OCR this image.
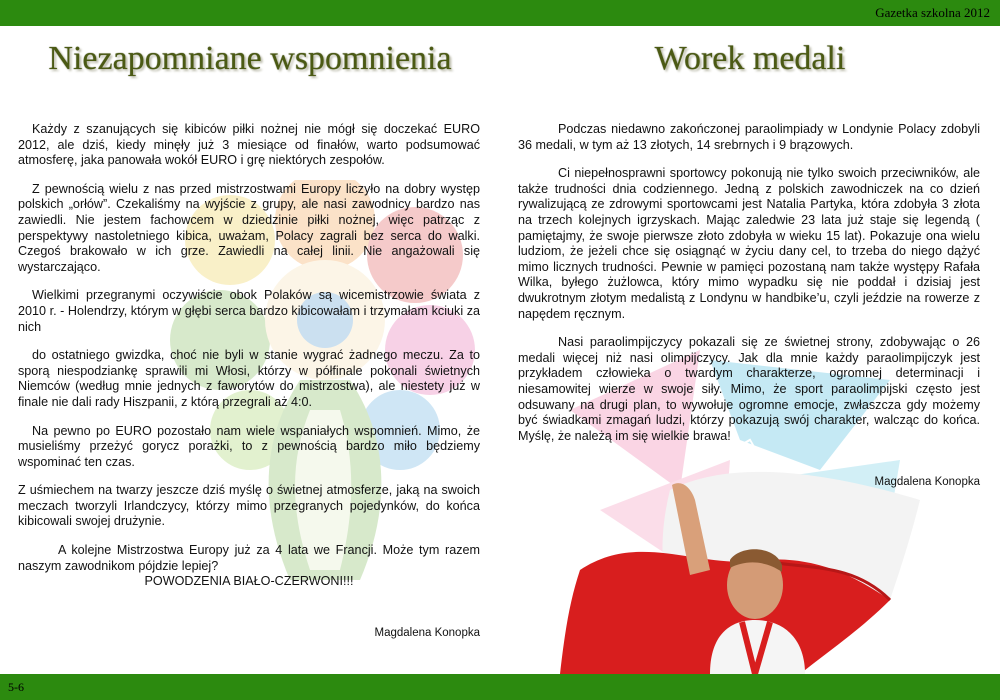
Gazetka szkolna 2012
Niezapomniane wspomnienia	Worek medali

Każdy z szanujących się kibiców piłki nożnej nie mógł się doczekać EURO 2012, ale dziś, kiedy minęły już 3 miesiące od finałów, warto podsumować atmosferę, jaka panowała wokół EURO i grę niektórych zespołów.

Z pewnością wielu z nas przed mistrzostwami Europy liczyło na dobry występ polskich „orłów”. Czekaliśmy na wyjście z grupy, ale nasi zawodnicy bardzo nas zawiedli. Nie jestem fachowcem w dziedzinie piłki nożnej, więc patrząc z perspektywy nastoletniego kibica, uważam, Polacy zagrali bez serca do walki. Czegoś brakowało w ich grze. Zawiedli na całej linii. Nie angażowali się wystarczająco.

Wielkimi przegranymi oczywiście obok Polaków są wicemistrzowie świata z 2010 r. - Holendrzy, którym w głębi serca bardzo kibicowałam i trzymałam kciuki za nich

do ostatniego gwizdka, choć nie byli w stanie wygrać żadnego meczu. Za to sporą niespodziankę sprawili mi Włosi, którzy w półfinale pokonali świetnych Niemców (według mnie jednych z faworytów do mistrzostwa), ale niestety już w finale nie dali rady Hiszpanii, z którą przegrali aż 4:0.

Na pewno po EURO pozostało nam wiele wspaniałych wspomnień. Mimo, że musieliśmy przeżyć gorycz porażki, to z pewnością bardzo miło będziemy wspominać ten czas.

Z uśmiechem na twarzy jeszcze dziś myślę o świetnej atmosferze, jaką na swoich meczach tworzyli Irlandczycy, którzy mimo przegranych pojedynków, do końca kibicowali swojej drużynie.

A kolejne Mistrzostwa Europy już za 4 lata we Francji. Może tym razem naszym zawodnikom pójdzie lepiej?

POWODZENIA BIAŁO-CZERWONI!!!

Magdalena Konopka

Podczas niedawno zakończonej paraolimpiady w Londynie Polacy zdobyli 36 medali, w tym aż 13 złotych, 14 srebrnych i 9 brązowych.

Ci niepełnosprawni sportowcy pokonują nie tylko swoich przeciwników, ale także trudności dnia codziennego. Jedną z polskich zawodniczek na co dzień rywalizującą ze zdrowymi sportowcami jest Natalia Partyka, która zdobyła 3 złota na trzech kolejnych igrzyskach. Mając zaledwie 23 lata już staje się legendą ( pamiętajmy, że swoje pierwsze złoto zdobyła w wieku 15 lat). Pokazuje ona wielu ludziom, że jeżeli chce się osiągnąć w życiu dany cel, to trzeba do niego dążyć mimo licznych trudności. Pewnie w pamięci pozostaną nam także występy Rafała Wilka, byłego żużlowca, który mimo wypadku się nie poddał i dzisiaj jest dwukrotnym złotym medalistą z Londynu w handbike’u, czyli jeździe na rowerze z napędem ręcznym.

Nasi paraolimpijczycy pokazali się ze świetnej strony, zdobywając o 26 medali więcej niż nasi olimpijczycy. Jak dla mnie każdy paraolimpijczyk jest przykładem człowieka o twardym charakterze, ogromnej determinacji i niesamowitej wierze w swoje siły. Mimo, że sport paraolimpijski często jest odsuwany na drugi plan, to wywołuje ogromne emocje, zwłaszcza gdy możemy być świadkami zmagań ludzi, którzy pokazują swój charakter, walcząc do końca. Myślę, że należą im się wielkie brawa!

Magdalena Konopka
5-6
